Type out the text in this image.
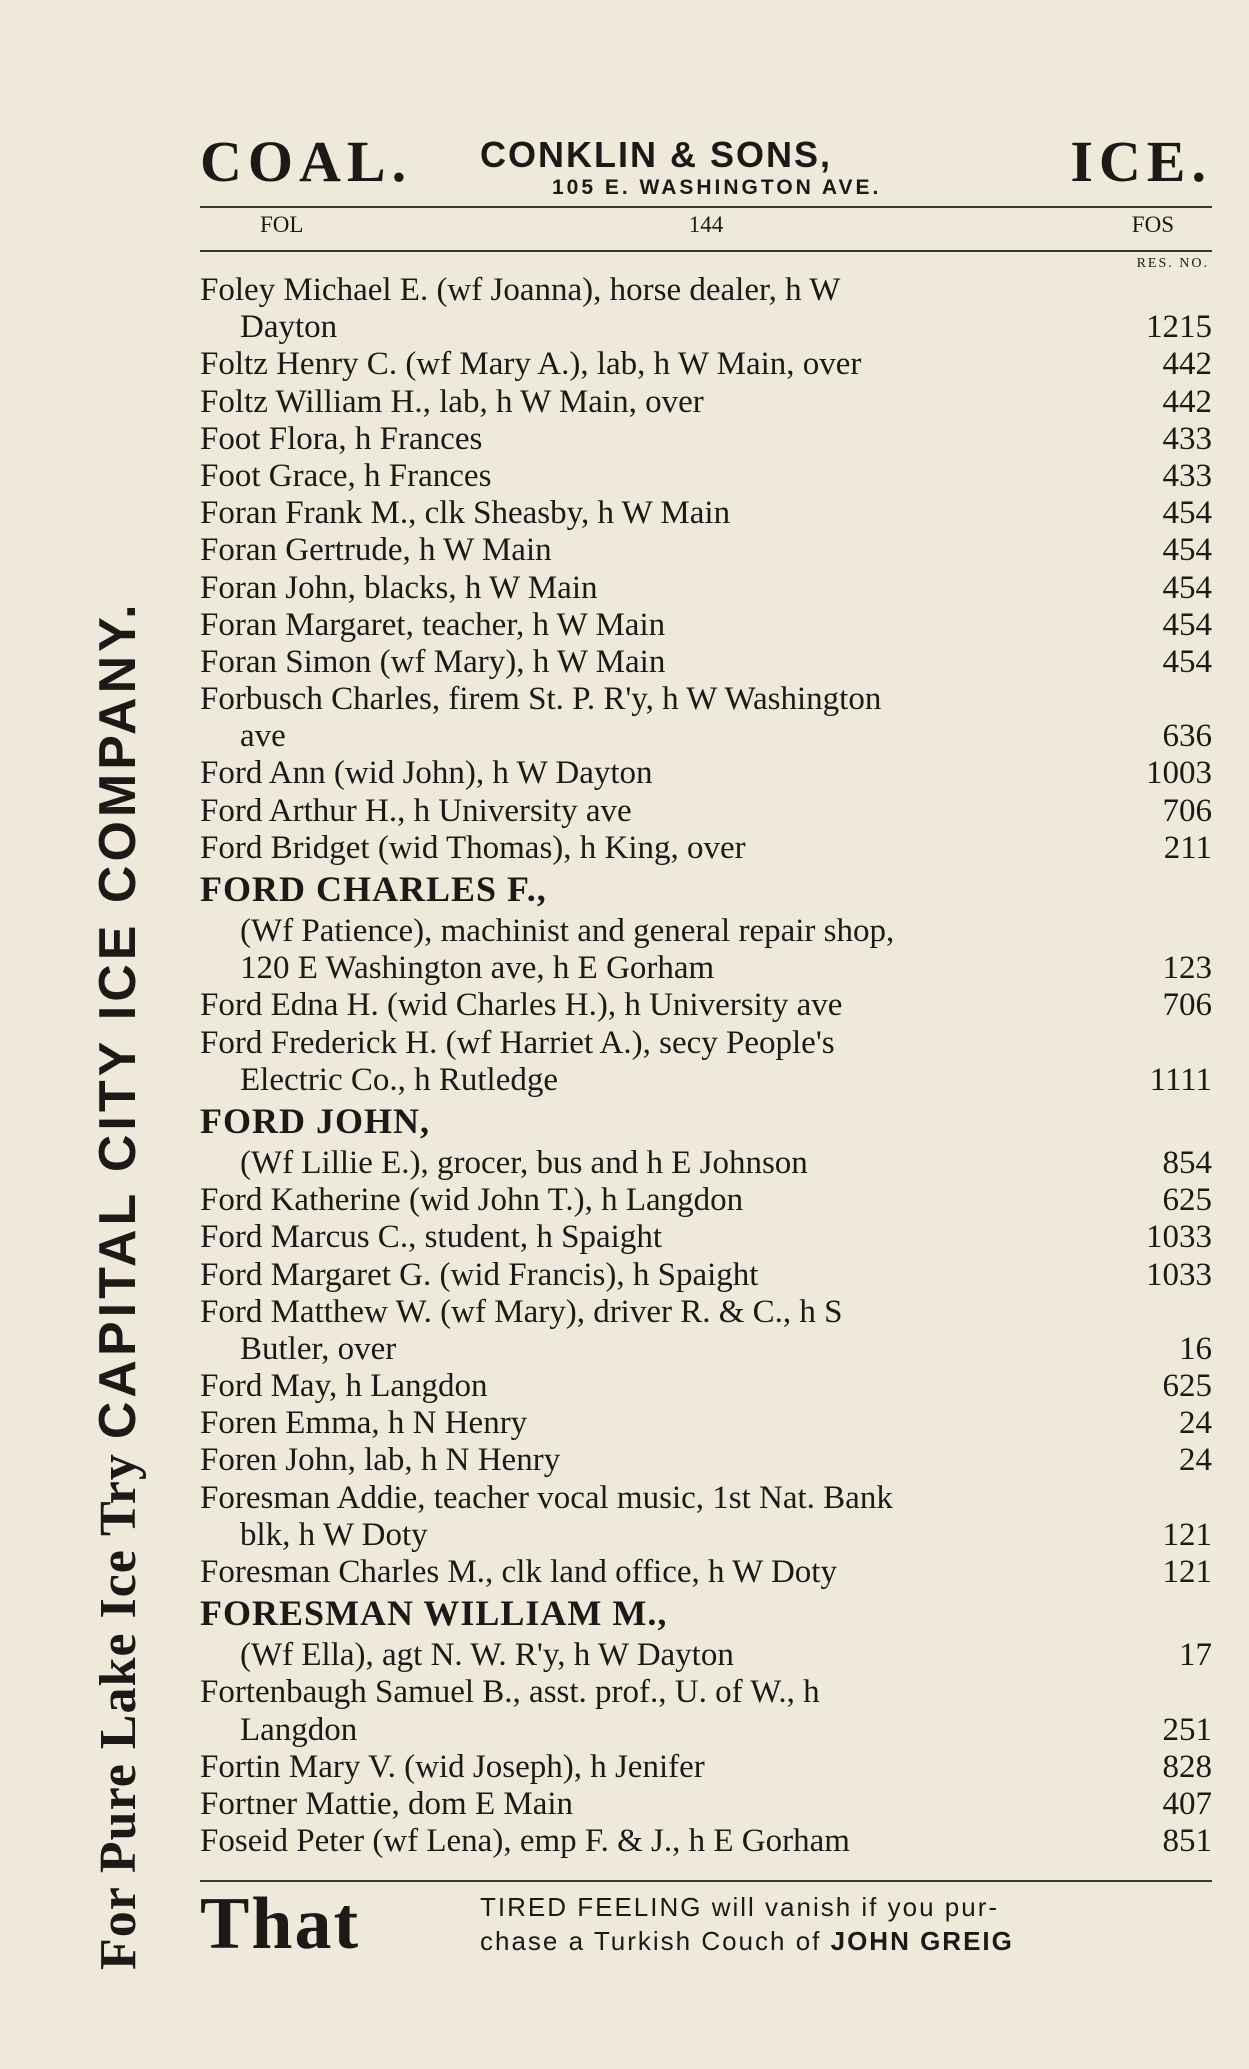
For Pure Lake Ice Try
CAPITAL CITY ICE COMPANY.
COAL. CONKLIN & SONS,
105 E. WASHINGTON AVE.	ICE.
FOL	144	FOS
RES. NO.
Foley Michael E. (wf Joanna), horse dealer, h W
Dayton	1215
Foltz Henry C. (wf Mary A.), lab, h W Main, over	442
Foltz William H., lab, h W Main, over	442
Foot Flora, h Frances	433
Foot Grace, h Frances	433
Foran Frank M., clk Sheasby, h W Main	454
Foran Gertrude, h W Main	454
Foran John, blacks, h W Main	454
Foran Margaret, teacher, h W Main	454
Foran Simon (wf Mary), h W Main	454
Forbusch Charles, firem St. P. R'y, h W Washington
ave	636
Ford Ann (wid John), h W Dayton	1003
Ford Arthur H., h University ave	706
Ford Bridget (wid Thomas), h King, over	211
FORD CHARLES F.,
(Wf Patience), machinist and general repair shop,
120 E Washington ave, h E Gorham	123
Ford Edna H. (wid Charles H.), h University ave	706
Ford Frederick H. (wf Harriet A.), secy People's
Electric Co., h Rutledge	1111
FORD JOHN,
(Wf Lillie E.), grocer, bus and h E Johnson	854
Ford Katherine (wid John T.), h Langdon	625
Ford Marcus C., student, h Spaight	1033
Ford Margaret G. (wid Francis), h Spaight	1033
Ford Matthew W. (wf Mary), driver R. & C., h S
Butler, over	16
Ford May, h Langdon	625
Foren Emma, h N Henry	24
Foren John, lab, h N Henry	24
Foresman Addie, teacher vocal music, 1st Nat. Bank
blk, h W Doty	121
Foresman Charles M., clk land office, h W Doty	121
FORESMAN WILLIAM M.,
(Wf Ella), agt N. W. R'y, h W Dayton	17
Fortenbaugh Samuel B., asst. prof., U. of W., h
Langdon	251
Fortin Mary V. (wid Joseph), h Jenifer	828
Fortner Mattie, dom E Main	407
Foseid Peter (wf Lena), emp F. & J., h E Gorham	851
That	TIRED FEELING will vanish if you pur-
chase a Turkish Couch of JOHN GREIG
